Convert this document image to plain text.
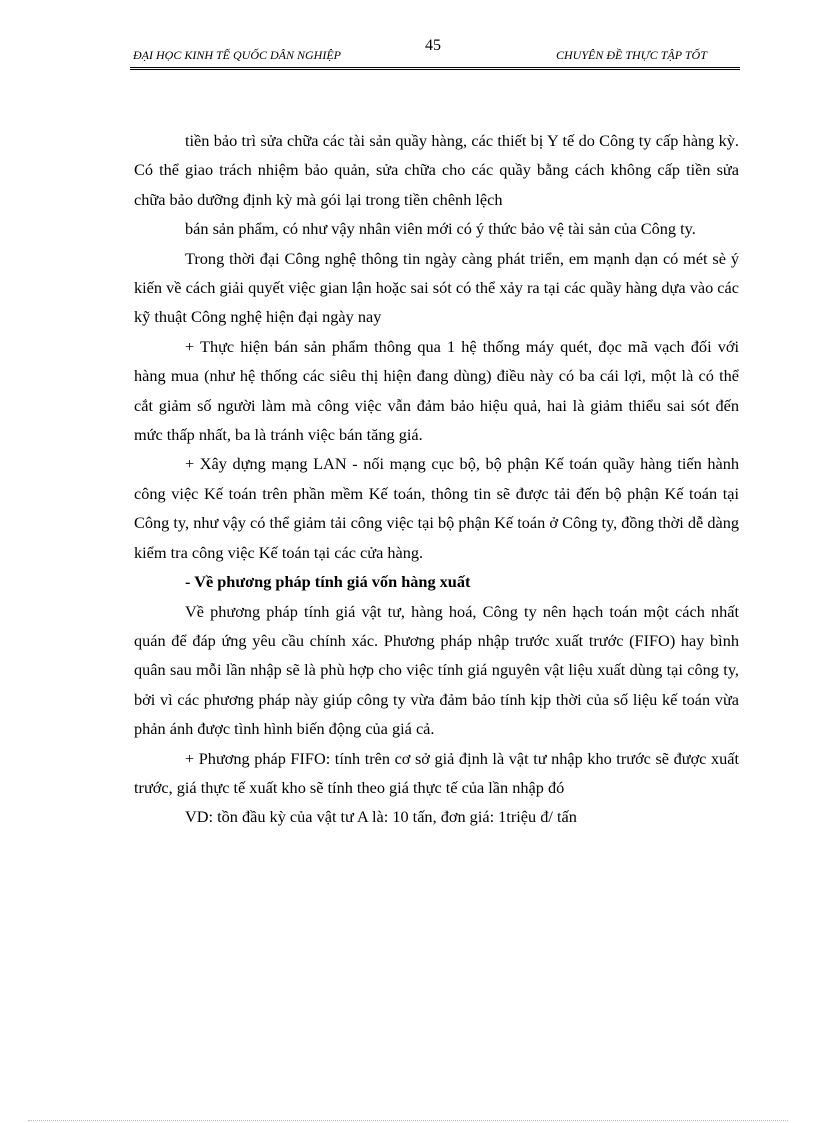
ĐẠI HỌC KINH TẾ QUỐC DÂN NGHIỆP
45
CHUYÊN ĐỀ THỰC TẬP TỐT

tiền bảo trì sửa chữa các tài sản quầy hàng, các thiết bị Y tế do Công ty cấp hàng kỳ. Có thể giao trách nhiệm bảo quản, sửa chữa cho các quầy bằng cách không cấp tiền sửa chữa bảo dưỡng định kỳ mà gói lại trong tiền chênh lệch

bán sản phẩm, có như vậy nhân viên mới có ý thức bảo vệ tài sản của Công ty.

Trong thời đại Công nghệ thông tin ngày càng phát triển, em mạnh dạn có mét sè ý kiến về cách giải quyết việc gian lận hoặc sai sót có thể xảy ra tại các quầy hàng dựa vào các kỹ thuật Công nghệ hiện đại ngày nay

+ Thực hiện bán sản phẩm thông qua 1 hệ thống máy quét, đọc mã vạch đối với hàng mua (như hệ thống các siêu thị hiện đang dùng) điều này có ba cái lợi, một là có thể cắt giảm số người làm mà công việc vẫn đảm bảo hiệu quả, hai là giảm thiểu sai sót đến mức thấp nhất, ba là tránh việc bán tăng giá.

+ Xây dựng mạng LAN - nối mạng cục bộ, bộ phận Kế toán quầy hàng tiến hành công việc Kế toán trên phần mềm Kế toán, thông tin sẽ được tải đến bộ phận Kế toán tại Công ty, như vậy có thể giảm tải công việc tại bộ phận Kế toán ở Công ty, đồng thời dễ dàng kiểm tra công việc Kế toán tại các cửa hàng.

- Về phương pháp tính giá vốn hàng xuất

Về phương pháp tính giá vật tư, hàng hoá, Công ty nên hạch toán một cách nhất quán để đáp ứng yêu cầu chính xác. Phương pháp nhập trước xuất trước (FIFO) hay bình quân sau mỗi lần nhập sẽ là phù hợp cho việc tính giá nguyên vật liệu xuất dùng tại công ty, bởi vì các phương pháp này giúp công ty vừa đảm bảo tính kịp thời của số liệu kế toán vừa phản ánh được tình hình biến động của giá cả.

+ Phương pháp FIFO: tính trên cơ sở giả định là vật tư nhập kho trước sẽ được xuất trước, giá thực tế xuất kho sẽ tính theo giá thực tế của lần nhập đó

VD: tồn đầu kỳ của vật tư A là: 10 tấn, đơn giá: 1triệu đ/ tấn
